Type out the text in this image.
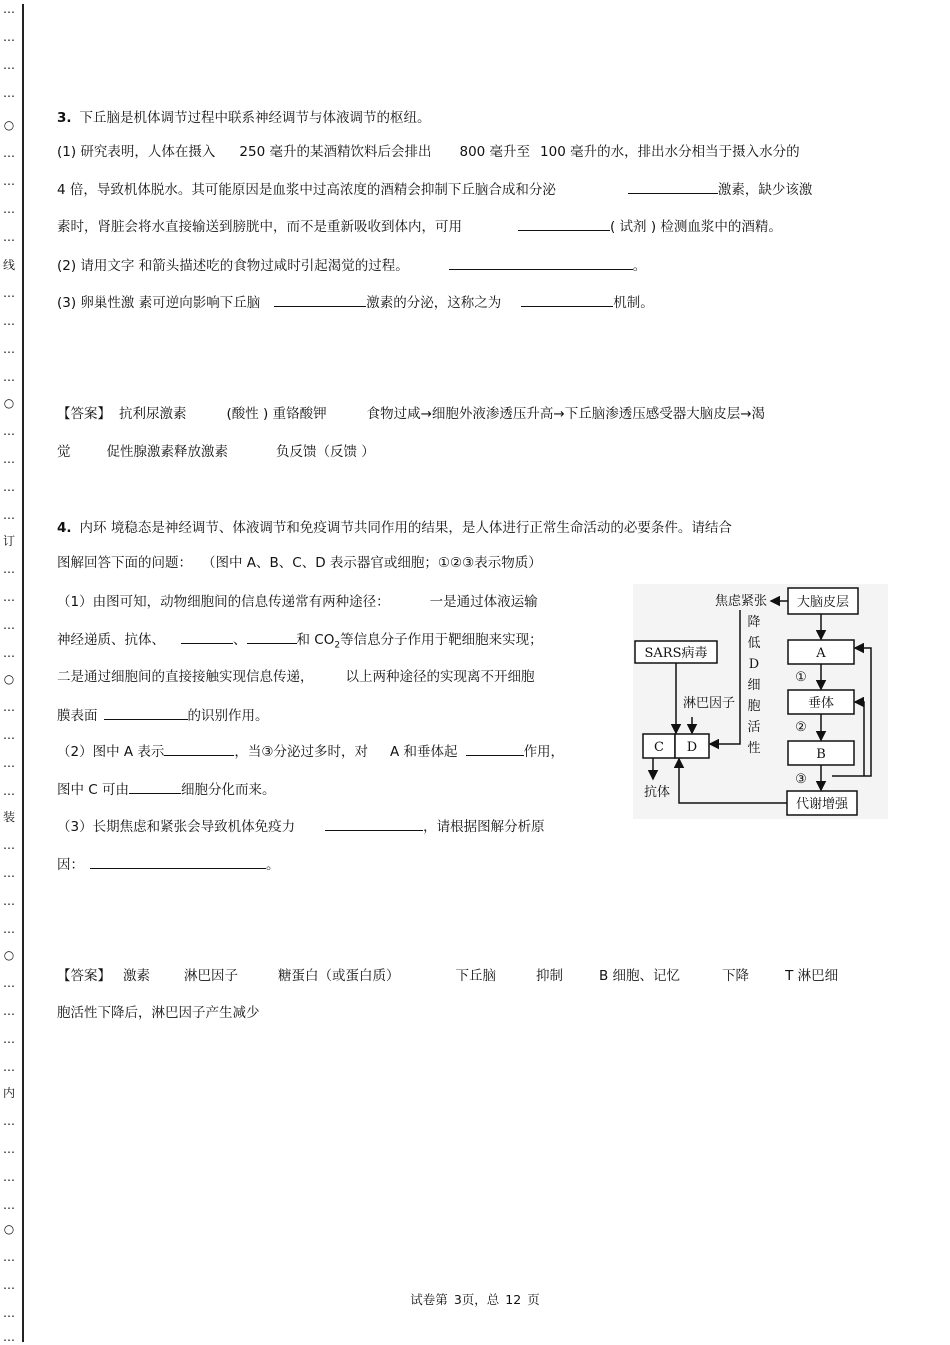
…
…
…
…
○
…
…
…
…
线
…
…
…
…
○
…
…
…
…
订
…
…
…
…
○
…
…
…
…
装
…
…
…
…
○
…
…
…
…
内
…
…
…
…
○
…
…
…
…
3. 下丘脑是机体调节过程中联系神经调节与体液调节的枢纽。
(1) 研究表明，人体在摄入 250 毫升的某酒精饮料后会排出 800 毫升至 100 毫升的水，排出水分相当于摄入水分的
4 倍，导致机体脱水。其可能原因是血浆中过高浓度的酒精会抑制下丘脑合成和分泌	激素，缺少该激
素时，肾脏会将水直接输送到膀胱中，而不是重新吸收到体内，可用	( 试剂 ) 检测血浆中的酒精。
(2) 请用文字 和箭头描述吃的食物过咸时引起渴觉的过程。	。
(3) 卵巢性激 素可逆向影响下丘脑	激素的分泌，这称之为	机制。
【答案】 抗利尿激素	(酸性 ) 重铬酸钾	食物过咸→细胞外液渗透压升高→下丘脑渗透压感受器大脑皮层→渴
觉	促性腺激素释放激素	负反馈（反馈 ）
4. 内环 境稳态是神经调节、体液调节和免疫调节共同作用的结果，是人体进行正常生命活动的必要条件。请结合
图解回答下面的问题： （图中 A、B、C、D 表示器官或细胞；①②③表示物质）
（1）由图可知，动物细胞间的信息传递常有两种途径：	一是通过体液运输
神经递质、抗体、	、	和 $CO_2$等信息分子作用于靶细胞来实现；
二是通过细胞间的直接接触实现信息传递， 以上两种途径的实现离不开细胞
膜表面	的识别作用。
（2）图中 A 表示	，当③分泌过多时，对 A 和垂体起	作用，
图中 C 可由	细胞分化而来。
（3）长期焦虑和紧张会导致机体免疫力	，请根据图解分析原
因：	。
大脑皮层
焦虑紧张
A
垂体
B
代谢增强
SARS病毒
C D
淋巴因子
抗体
①
②
③
降
低
D
细
胞
活
性
【答案】 激素	淋巴因子	糖蛋白（或蛋白质）	下丘脑	抑制	B 细胞、记忆	下降	T 淋巴细
胞活性下降后，淋巴因子产生减少
试卷第 3页，总 12 页
